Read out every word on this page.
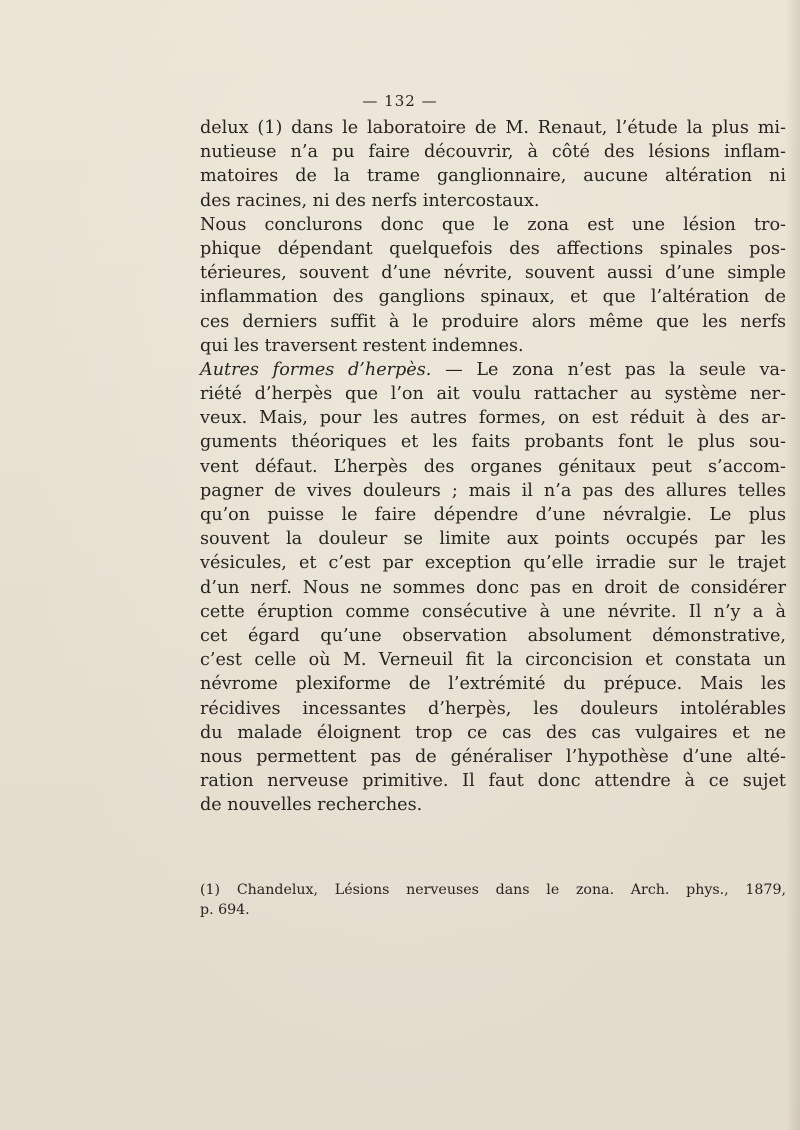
— 132 —
delux (1) dans le laboratoire de M. Renaut, l’étude la plus mi-
nutieuse n’a pu faire découvrir, à côté des lésions inflam-
matoires de la trame ganglionnaire, aucune altération ni
des racines, ni des nerfs intercostaux.
Nous conclurons donc que le zona est une lésion tro-
phique dépendant quelquefois des affections spinales pos-
térieures, souvent d’une névrite, souvent aussi d’une simple
inflammation des ganglions spinaux, et que l’altération de
ces derniers suffit à le produire alors même que les nerfs
qui les traversent restent indemnes.
Autres formes d’herpès. — Le zona n’est pas la seule va-
riété d’herpès que l’on ait voulu rattacher au système ner-
veux. Mais, pour les autres formes, on est réduit à des ar-
guments théoriques et les faits probants font le plus sou-
vent défaut. L’herpès des organes génitaux peut s’accom-
pagner de vives douleurs ; mais il n’a pas des allures telles
qu’on puisse le faire dépendre d’une névralgie. Le plus
souvent la douleur se limite aux points occupés par les
vésicules, et c’est par exception qu’elle irradie sur le trajet
d’un nerf. Nous ne sommes donc pas en droit de considérer
cette éruption comme consécutive à une névrite. Il n’y a à
cet égard qu’une observation absolument démonstrative,
c’est celle où M. Verneuil fit la circoncision et constata un
névrome plexiforme de l’extrémité du prépuce. Mais les
récidives incessantes d’herpès, les douleurs intolérables
du malade éloignent trop ce cas des cas vulgaires et ne
nous permettent pas de généraliser l’hypothèse d’une alté-
ration nerveuse primitive. Il faut donc attendre à ce sujet
de nouvelles recherches.
(1) Chandelux, Lésions nerveuses dans le zona. Arch. phys., 1879,
p. 694.
